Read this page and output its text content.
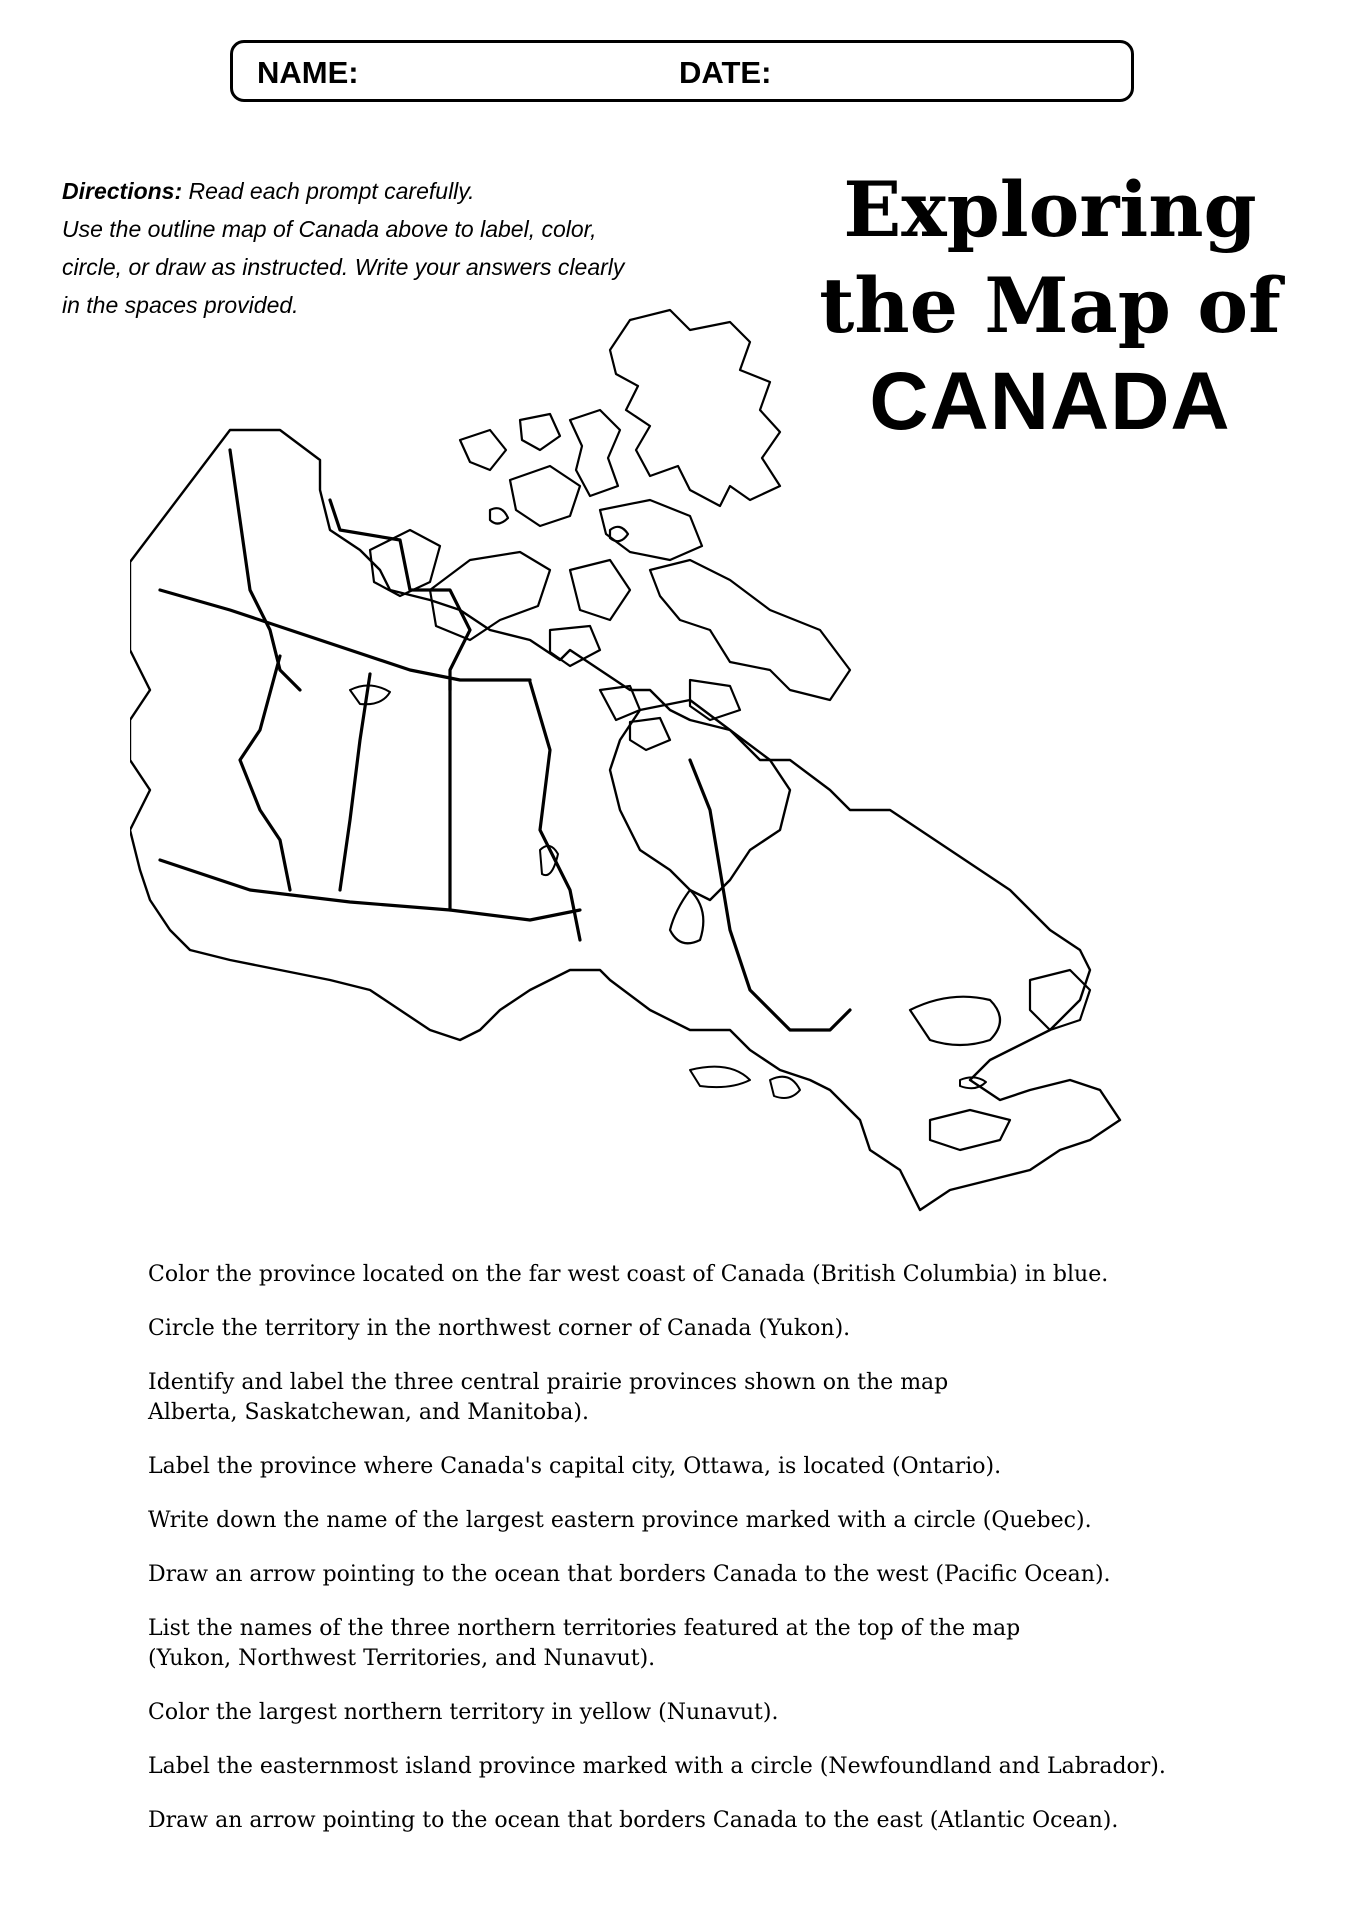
NAME:	DATE:
Directions: Read each prompt carefully.
Use the outline map of Canada above to label, color,
circle, or draw as instructed. Write your answers clearly
in the spaces provided.
Exploring
the Map of
CANADA
Color the province located on the far west coast of Canada (British Columbia) in blue.
Circle the territory in the northwest corner of Canada (Yukon).
Identify and label the three central prairie provinces shown on the map
Alberta, Saskatchewan, and Manitoba).
Label the province where Canada's capital city, Ottawa, is located (Ontario).
Write down the name of the largest eastern province marked with a circle (Quebec).
Draw an arrow pointing to the ocean that borders Canada to the west (Pacific Ocean).
List the names of the three northern territories featured at the top of the map
(Yukon, Northwest Territories, and Nunavut).
Color the largest northern territory in yellow (Nunavut).
Label the easternmost island province marked with a circle (Newfoundland and Labrador).
Draw an arrow pointing to the ocean that borders Canada to the east (Atlantic Ocean).
